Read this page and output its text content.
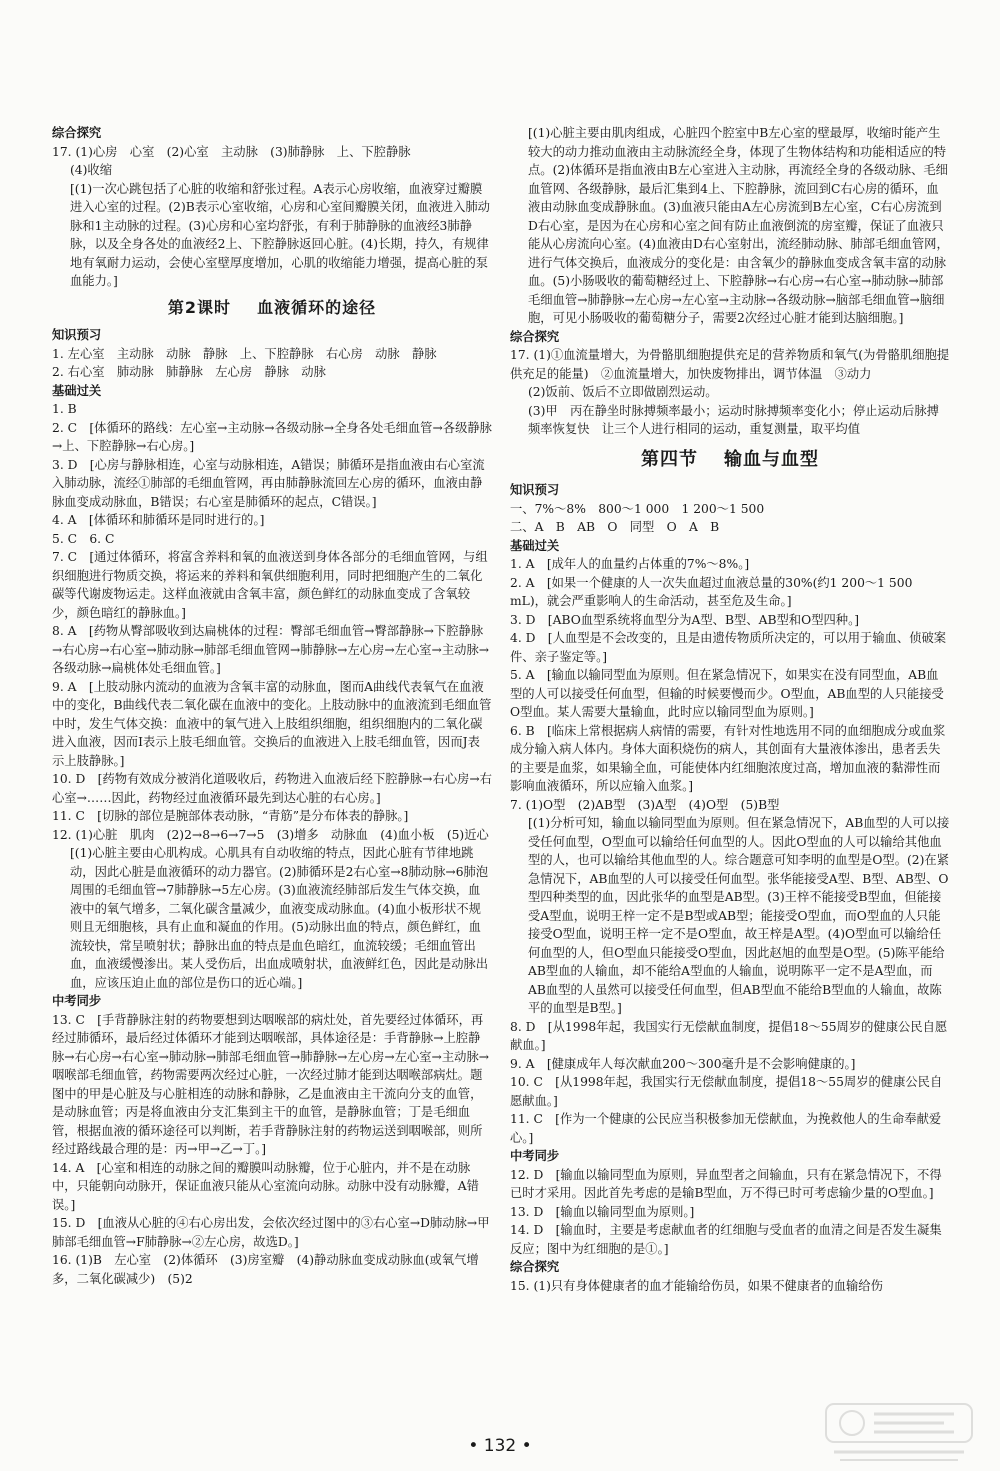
综合探究

17. (1)心房　心室　(2)心室　主动脉　(3)肺静脉　上、下腔静脉

(4)收缩

[(1)一次心跳包括了心脏的收缩和舒张过程。A表示心房收缩，血液穿过瓣膜进入心室的过程。(2)B表示心室收缩，心房和心室间瓣膜关闭，血液进入肺动脉和1主动脉的过程。(3)心房和心室均舒张，有利于肺静脉的血液经3肺静脉，以及全身各处的血液经2上、下腔静脉返回心脏。(4)长期，持久，有规律地有氧耐力运动，会使心室壁厚度增加，心肌的收缩能力增强，提高心脏的泵血能力。]

第2课时 血液循环的途径

知识预习

1. 左心室　主动脉　动脉　静脉　上、下腔静脉　右心房　动脉　静脉

2. 右心室　肺动脉　肺静脉　左心房　静脉　动脉

基础过关

1. B

2. C　[体循环的路线：左心室→主动脉→各级动脉→全身各处毛细血管→各级静脉→上、下腔静脉→右心房。]

3. D　[心房与静脉相连，心室与动脉相连，A错误；肺循环是指血液由右心室流入肺动脉，流经①肺部的毛细血管网，再由肺静脉流回左心房的循环，血液由静脉血变成动脉血，B错误；右心室是肺循环的起点，C错误。]

4. A　[体循环和肺循环是同时进行的。]

5. C　6. C

7. C　[通过体循环，将富含养料和氧的血液送到身体各部分的毛细血管网，与组织细胞进行物质交换，将运来的养料和氧供细胞利用，同时把细胞产生的二氧化碳等代谢废物运走。这样血液就由含氧丰富，颜色鲜红的动脉血变成了含氧较少，颜色暗红的静脉血。]

8. A　[药物从臀部吸收到达扁桃体的过程：臀部毛细血管→臀部静脉→下腔静脉→右心房→右心室→肺动脉→肺部毛细血管网→肺静脉→左心房→左心室→主动脉→各级动脉→扁桃体处毛细血管。]

9. A　[上肢动脉内流动的血液为含氧丰富的动脉血，图而A曲线代表氧气在血液中的变化，B曲线代表二氧化碳在血液中的变化。上肢动脉中的血液流到毛细血管中时，发生气体交换：血液中的氧气进入上肢组织细胞，组织细胞内的二氧化碳进入血液，因而I表示上肢毛细血管。交换后的血液进入上肢毛细血管，因而J表示上肢静脉。]

10. D　[药物有效成分被消化道吸收后，药物进入血液后经下腔静脉→右心房→右心室→……因此，药物经过血液循环最先到达心脏的右心房。]

11. C　[切脉的部位是腕部体表动脉，“青筋”是分布体表的静脉。]

12. (1)心脏　肌肉　(2)2→8→6→7→5　(3)增多　动脉血　(4)血小板　(5)近心

[(1)心脏主要由心肌构成。心肌具有自动收缩的特点，因此心脏有节律地跳动，因此心脏是血液循环的动力器官。(2)肺循环是2右心室→8肺动脉→6肺泡周围的毛细血管→7肺静脉→5左心房。(3)血液流经肺部后发生气体交换，血液中的氧气增多，二氧化碳含量减少，血液变成动脉血。(4)血小板形状不规则且无细胞核，具有止血和凝血的作用。(5)动脉出血的特点，颜色鲜红，血流较快，常呈喷射状；静脉出血的特点是血色暗红，血流较缓；毛细血管出血，血液缓慢渗出。某人受伤后，出血成喷射状，血液鲜红色，因此是动脉出血，应该压迫止血的部位是伤口的近心端。]

中考同步

13. C　[手背静脉注射的药物要想到达咽喉部的病灶处，首先要经过体循环，再经过肺循环，最后经过体循环才能到达咽喉部，具体途径是：手背静脉→上腔静脉→右心房→右心室→肺动脉→肺部毛细血管→肺静脉→左心房→左心室→主动脉→咽喉部毛细血管，药物需要两次经过心脏，一次经过肺才能到达咽喉部病灶。题图中的甲是心脏及与心脏相连的动脉和静脉，乙是血液由主干流向分支的血管，是动脉血管；丙是将血液由分支汇集到主干的血管，是静脉血管；丁是毛细血管，根据血液的循环途径可以判断，若手背静脉注射的药物运送到咽喉部，则所经过路线最合理的是：丙→甲→乙→丁。]

14. A　[心室和相连的动脉之间的瓣膜叫动脉瓣，位于心脏内，并不是在动脉中，只能朝向动脉开，保证血液只能从心室流向动脉。动脉中没有动脉瓣，A错误。]

15. D　[血液从心脏的④右心房出发，会依次经过图中的③右心室→D肺动脉→甲肺部毛细血管→F肺静脉→②左心房，故选D。]

16. (1)B　左心室　(2)体循环　(3)房室瓣　(4)静动脉血变成动脉血(或氧气增多，二氧化碳减少)　(5)2

[(1)心脏主要由肌肉组成，心脏四个腔室中B左心室的壁最厚，收缩时能产生较大的动力推动血液由主动脉流经全身，体现了生物体结构和功能相适应的特点。(2)体循环是指血液由B左心室进入主动脉，再流经全身的各级动脉、毛细血管网、各级静脉，最后汇集到4上、下腔静脉，流回到C右心房的循环，血液由动脉血变成静脉血。(3)血液只能由A左心房流到B左心室，C右心房流到D右心室，是因为在心房和心室之间有防止血液倒流的房室瓣，保证了血液只能从心房流向心室。(4)血液由D右心室射出，流经肺动脉、肺部毛细血管网，进行气体交换后，血液成分的变化是：由含氧少的静脉血变成含氧丰富的动脉血。(5)小肠吸收的葡萄糖经过上、下腔静脉→右心房→右心室→肺动脉→肺部毛细血管→肺静脉→左心房→左心室→主动脉→各级动脉→脑部毛细血管→脑细胞，可见小肠吸收的葡萄糖分子，需要2次经过心脏才能到达脑细胞。]

综合探究

17. (1)①血流量增大，为骨骼肌细胞提供充足的营养物质和氧气(为骨骼肌细胞提供充足的能量)　②血流量增大，加快废物排出，调节体温　③动力

(2)饭前、饭后不立即做剧烈运动。

(3)甲　丙在静坐时脉搏频率最小；运动时脉搏频率变化小；停止运动后脉搏频率恢复快　让三个人进行相同的运动，重复测量，取平均值

第四节 输血与血型

知识预习

一、7%～8%　800～1 000　1 200～1 500

二、A　B　AB　O　同型　O　A　B

基础过关

1. A　[成年人的血量约占体重的7%～8%。]

2. A　[如果一个健康的人一次失血超过血液总量的30%(约1 200～1 500 mL)，就会严重影响人的生命活动，甚至危及生命。]

3. D　[ABO血型系统将血型分为A型、B型、AB型和O型四种。]

4. D　[人血型是不会改变的，且是由遗传物质所决定的，可以用于输血、侦破案件、亲子鉴定等。]

5. A　[输血以输同型血为原则。但在紧急情况下，如果实在没有同型血，AB血型的人可以接受任何血型，但输的时候要慢而少。O型血，AB血型的人只能接受O型血。某人需要大量输血，此时应以输同型血为原则。]

6. B　[临床上常根据病人病情的需要，有针对性地选用不同的血细胞成分或血浆成分输入病人体内。身体大面积烧伤的病人，其创面有大量液体渗出，患者丢失的主要是血浆，如果输全血，可能使体内红细胞浓度过高，增加血液的黏滞性而影响血液循环，所以应输入血浆。]

7. (1)O型　(2)AB型　(3)A型　(4)O型　(5)B型

[(1)分析可知，输血以输同型血为原则。但在紧急情况下，AB血型的人可以接受任何血型，O型血可以输给任何血型的人。因此O型血的人可以输给其他血型的人，也可以输给其他血型的人。综合题意可知李明的血型是O型。(2)在紧急情况下，AB血型的人可以接受任何血型。张华能接受A型、B型、AB型、O型四种类型的血，因此张华的血型是AB型。(3)王梓不能接受B型血，但能接受A型血，说明王梓一定不是B型或AB型；能接受O型血，而O型血的人只能接受O型血，说明王梓一定不是O型血，故王梓是A型。(4)O型血可以输给任何血型的人，但O型血只能接受O型血，因此赵旭的血型是O型。(5)陈平能给AB型血的人输血，却不能给A型血的人输血，说明陈平一定不是A型血，而AB血型的人虽然可以接受任何血型，但AB型血不能给B型血的人输血，故陈平的血型是B型。]

8. D　[从1998年起，我国实行无偿献血制度，提倡18～55周岁的健康公民自愿献血。]

9. A　[健康成年人每次献血200～300毫升是不会影响健康的。]

10. C　[从1998年起，我国实行无偿献血制度，提倡18～55周岁的健康公民自愿献血。]

11. C　[作为一个健康的公民应当积极参加无偿献血，为挽救他人的生命奉献爱心。]

中考同步

12. D　[输血以输同型血为原则，异血型者之间输血，只有在紧急情况下，不得已时才采用。因此首先考虑的是输B型血，万不得已时可考虑输少量的O型血。]

13. D　[输血以输同型血为原则。]

14. D　[输血时，主要是考虑献血者的红细胞与受血者的血清之间是否发生凝集反应；图中为红细胞的是①。]

综合探究

15. (1)只有身体健康者的血才能输给伤员，如果不健康者的血输给伤

• 132 •
